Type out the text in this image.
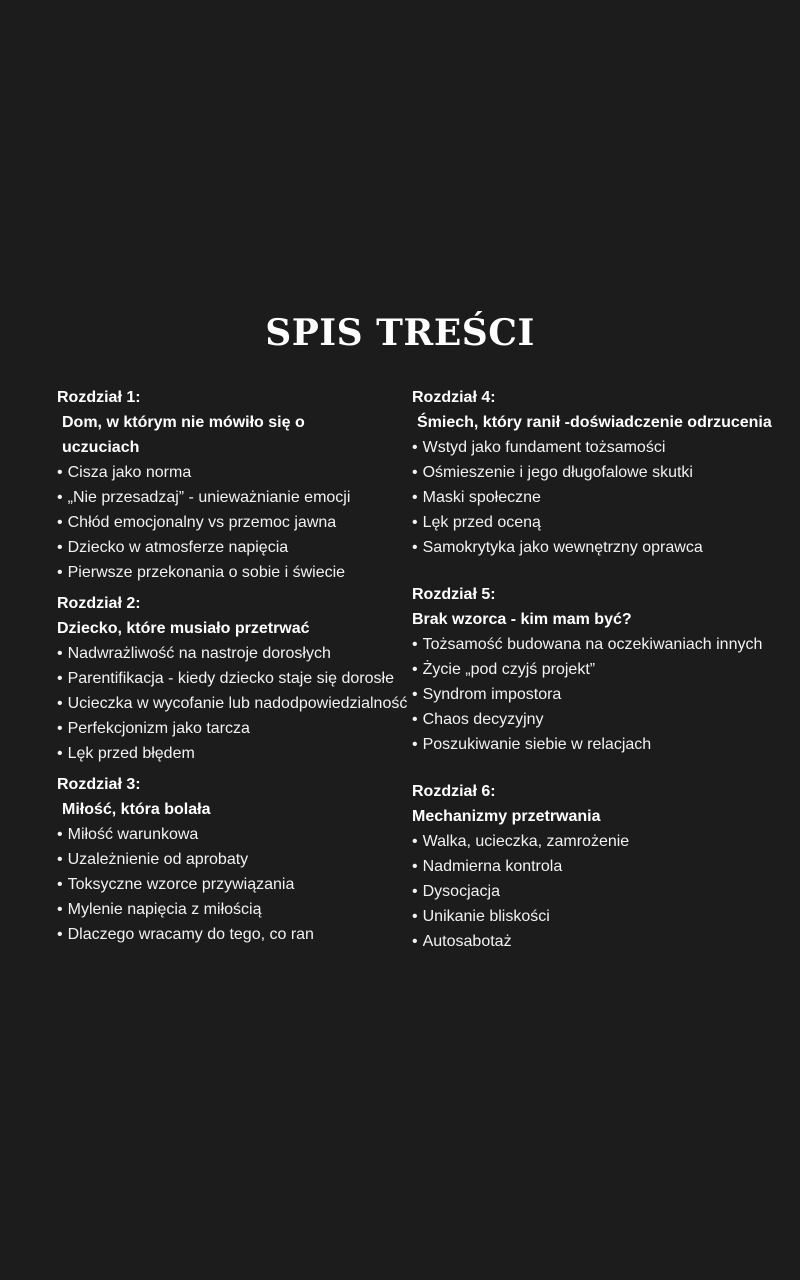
SPIS TREŚCI

Rozdział 1:

Dom, w którym nie mówiło się o uczuciach

• Cisza jako norma
• „Nie przesadzaj” - unieważnianie emocji
• Chłód emocjonalny vs przemoc jawna
• Dziecko w atmosferze napięcia
• Pierwsze przekonania o sobie i świecie

Rozdział 2:

Dziecko, które musiało przetrwać

• Nadwrażliwość na nastroje dorosłych
• Parentifikacja - kiedy dziecko staje się dorosłe
• Ucieczka w wycofanie lub nadodpowiedzialność
• Perfekcjonizm jako tarcza
• Lęk przed błędem

Rozdział 3:

Miłość, która bolała

• Miłość warunkowa
• Uzależnienie od aprobaty
• Toksyczne wzorce przywiązania
• Mylenie napięcia z miłością
• Dlaczego wracamy do tego, co ran

Rozdział 4:

Śmiech, który ranił -doświadczenie odrzucenia

• Wstyd jako fundament tożsamości
• Ośmieszenie i jego długofalowe skutki
• Maski społeczne
• Lęk przed oceną
• Samokrytyka jako wewnętrzny oprawca

Rozdział 5:

Brak wzorca - kim mam być?

• Tożsamość budowana na oczekiwaniach innych
• Życie „pod czyjś projekt”
• Syndrom impostora
• Chaos decyzyjny
• Poszukiwanie siebie w relacjach

Rozdział 6:

Mechanizmy przetrwania

• Walka, ucieczka, zamrożenie
• Nadmierna kontrola
• Dysocjacja
• Unikanie bliskości
• Autosabotaż
